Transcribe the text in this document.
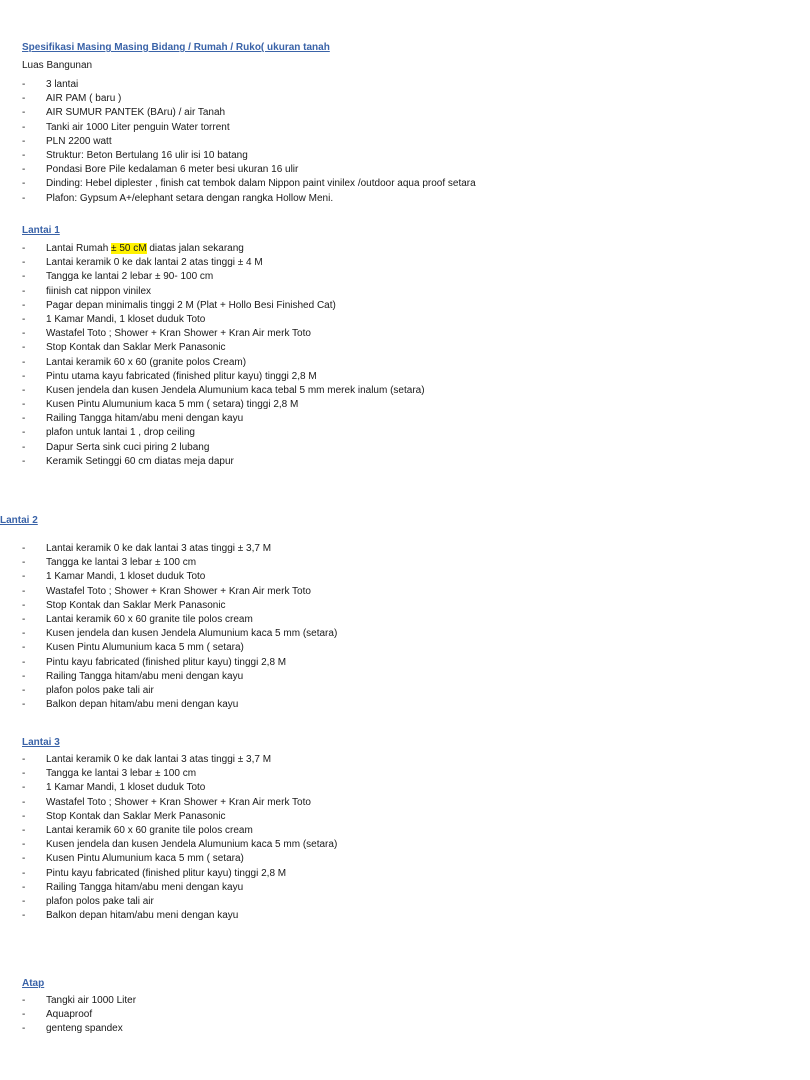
Spesifikasi Masing Masing Bidang / Rumah / Ruko( ukuran tanah
Luas Bangunan
- 3 lantai
- AIR PAM ( baru )
- AIR SUMUR PANTEK (BAru) / air Tanah
- Tanki air 1000 Liter penguin Water torrent
- PLN 2200 watt
- Struktur: Beton Bertulang 16 ulir isi 10 batang
- Pondasi Bore Pile kedalaman 6 meter besi ukuran 16 ulir
- Dinding: Hebel diplester , finish cat tembok dalam Nippon paint vinilex /outdoor aqua proof setara
- Plafon: Gypsum A+/elephant setara dengan rangka Hollow Meni.
Lantai 1
- Lantai Rumah ± 50 cM diatas jalan sekarang
- Lantai keramik 0 ke dak lantai 2 atas tinggi ± 4 M
- Tangga ke lantai 2 lebar ± 90- 100 cm
- fiinish cat nippon vinilex
- Pagar depan minimalis tinggi 2 M (Plat + Hollo Besi Finished Cat)
- 1 Kamar Mandi, 1 kloset duduk Toto
- Wastafel Toto ; Shower + Kran Shower + Kran Air merk Toto
- Stop Kontak dan Saklar Merk Panasonic
- Lantai keramik 60 x 60 (granite polos Cream)
- Pintu utama kayu fabricated (finished plitur kayu) tinggi 2,8 M
- Kusen jendela dan kusen Jendela Alumunium kaca tebal 5 mm merek inalum (setara)
- Kusen Pintu Alumunium kaca 5 mm ( setara) tinggi 2,8 M
- Railing Tangga hitam/abu meni dengan kayu
- plafon untuk lantai 1 , drop ceiling
- Dapur Serta sink cuci piring 2 lubang
- Keramik Setinggi 60 cm diatas meja dapur
Lantai 2
- Lantai keramik 0 ke dak lantai 3 atas tinggi ± 3,7 M
- Tangga ke lantai 3 lebar ± 100 cm
- 1 Kamar Mandi, 1 kloset duduk Toto
- Wastafel Toto ; Shower + Kran Shower + Kran Air merk Toto
- Stop Kontak dan Saklar Merk Panasonic
- Lantai keramik 60 x 60 granite tile polos cream
- Kusen jendela dan kusen Jendela Alumunium kaca 5 mm (setara)
- Kusen Pintu Alumunium kaca 5 mm ( setara)
- Pintu kayu fabricated (finished plitur kayu) tinggi 2,8 M
- Railing Tangga hitam/abu meni dengan kayu
- plafon polos pake tali air
- Balkon depan hitam/abu meni dengan kayu
Lantai 3
- Lantai keramik 0 ke dak lantai 3 atas tinggi ± 3,7 M
- Tangga ke lantai 3 lebar ± 100 cm
- 1 Kamar Mandi, 1 kloset duduk Toto
- Wastafel Toto ; Shower + Kran Shower + Kran Air merk Toto
- Stop Kontak dan Saklar Merk Panasonic
- Lantai keramik 60 x 60 granite tile polos cream
- Kusen jendela dan kusen Jendela Alumunium kaca 5 mm (setara)
- Kusen Pintu Alumunium kaca 5 mm ( setara)
- Pintu kayu fabricated (finished plitur kayu) tinggi 2,8 M
- Railing Tangga hitam/abu meni dengan kayu
- plafon polos pake tali air
- Balkon depan hitam/abu meni dengan kayu
Atap
- Tangki air 1000 Liter
- Aquaproof
- genteng spandex
